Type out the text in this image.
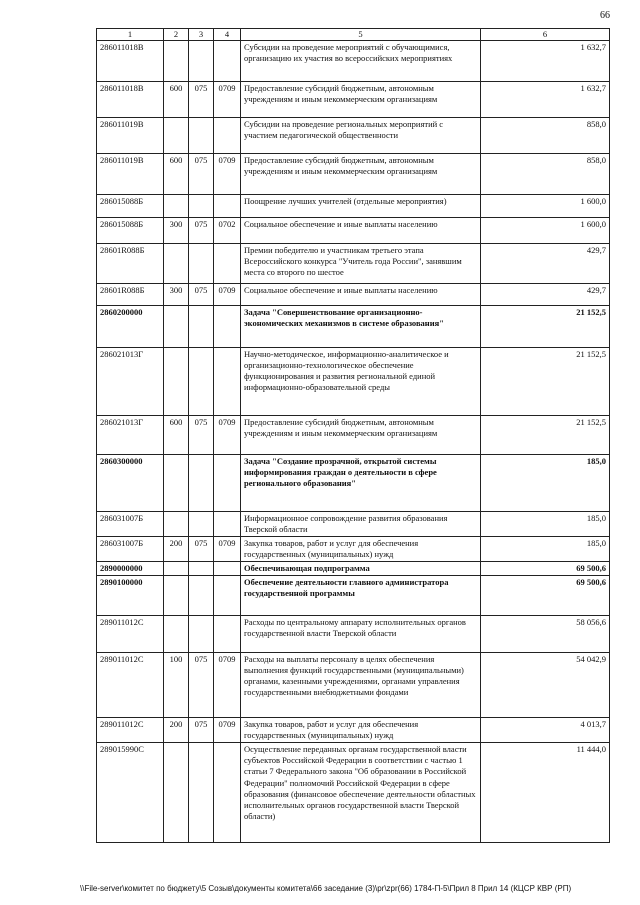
66
1	2	3	4	5	6
286011018В				Субсидии на проведение мероприятий с обучающимися, организацию их участия во всероссийских мероприятиях	1 632,7
286011018В	600	075	0709	Предоставление субсидий бюджетным, автономным учреждениям и иным некоммерческим организациям	1 632,7
286011019В				Субсидии на проведение региональных мероприятий с участием педагогической общественности	858,0
286011019В	600	075	0709	Предоставление субсидий бюджетным, автономным учреждениям и иным некоммерческим организациям	858,0
286015088Б				Поощрение лучших учителей (отдельные мероприятия)	1 600,0
286015088Б	300	075	0702	Социальное обеспечение и иные выплаты населению	1 600,0
28601R088Б				Премии победителю и участникам третьего этапа Всероссийского конкурса "Учитель года России", занявшим места со второго по шестое	429,7
28601R088Б	300	075	0709	Социальное обеспечение и иные выплаты населению	429,7
2860200000				Задача "Совершенствование организационно-экономических механизмов в системе образования"	21 152,5
286021013Г				Научно-методическое, информационно-аналитическое и организационно-технологическое обеспечение функционирования и развития региональной единой информационно-образовательной среды	21 152,5
286021013Г	600	075	0709	Предоставление субсидий бюджетным, автономным учреждениям и иным некоммерческим организациям	21 152,5
2860300000				Задача "Создание прозрачной, открытой системы информирования граждан о деятельности в сфере регионального образования"	185,0
286031007Б				Информационное сопровождение развития образования Тверской области	185,0
286031007Б	200	075	0709	Закупка товаров, работ и услуг для обеспечения государственных (муниципальных) нужд	185,0
2890000000				Обеспечивающая подпрограмма	69 500,6
2890100000				Обеспечение деятельности главного администратора государственной программы	69 500,6
289011012С				Расходы по центральному аппарату исполнительных органов государственной власти Тверской области	58 056,6
289011012С	100	075	0709	Расходы на выплаты персоналу в целях обеспечения выполнения функций государственными (муниципальными) органами, казенными учреждениями, органами управления государственными внебюджетными фондами	54 042,9
289011012С	200	075	0709	Закупка товаров, работ и услуг для обеспечения государственных (муниципальных) нужд	4 013,7
289015990С				Осуществление переданных органам государственной власти субъектов Российской Федерации в соответствии с частью 1 статьи 7 Федерального закона "Об образовании в Российской Федерации" полномочий Российской Федерации в сфере образования (финансовое обеспечение деятельности областных исполнительных органов государственной власти Тверской области)	11 444,0
\\File-server\комитет по бюджету\5 Созыв\документы комитета\66 заседание (3)\pr\zpr(66) 1784-П-5\Прил 8 Прил 14 (КЦСР КВР (РП)
